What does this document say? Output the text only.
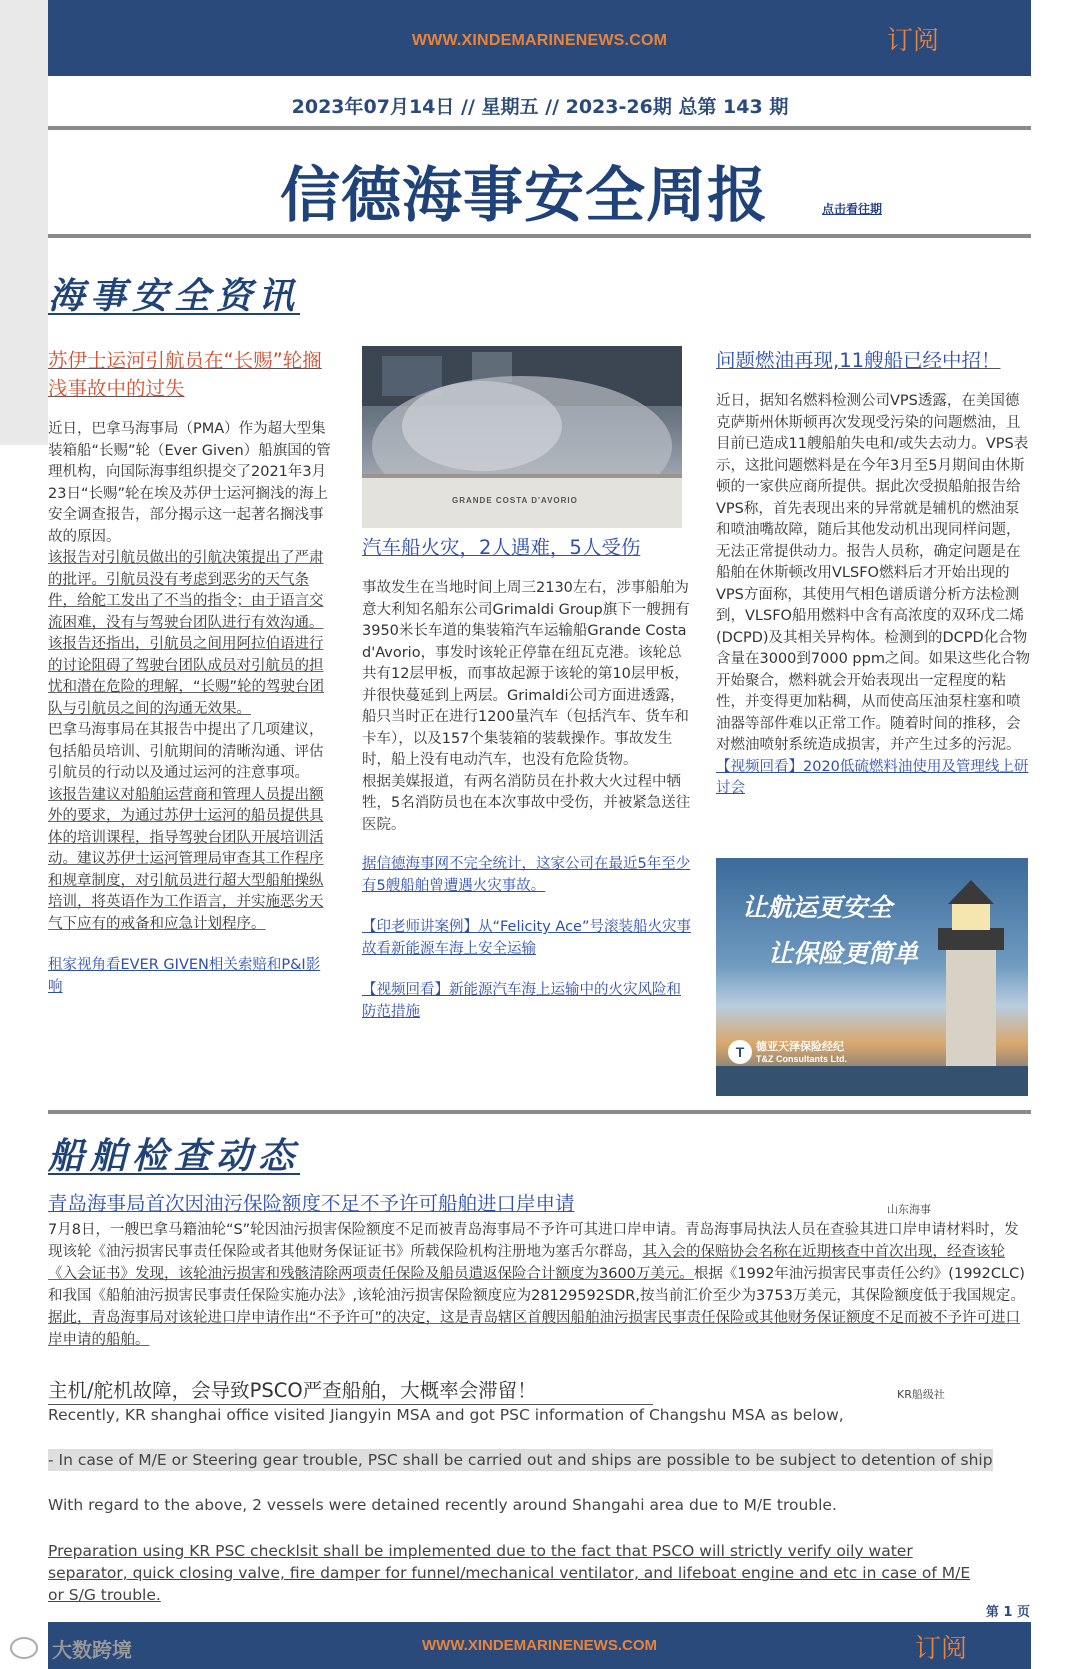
WWW.XINDEMARINENEWS.COM	订阅
2023年07月14日 // 星期五 // 2023-26期 总第 143 期
信德海事安全周报	点击看往期
海事安全资讯
苏伊士运河引航员在“长赐”轮搁浅事故中的过失
近日，巴拿马海事局（PMA）作为超大型集装箱船“长赐”轮（Ever Given）船旗国的管理机构，向国际海事组织提交了2021年3月23日“长赐”轮在埃及苏伊士运河搁浅的海上安全调查报告，部分揭示这一起著名搁浅事故的原因。
该报告对引航员做出的引航决策提出了严肃的批评。引航员没有考虑到恶劣的天气条件，给舵工发出了不当的指令；由于语言交流困难，没有与驾驶台团队进行有效沟通。该报告还指出，引航员之间用阿拉伯语进行的讨论阻碍了驾驶台团队成员对引航员的担忧和潜在危险的理解，“长赐”轮的驾驶台团队与引航员之间的沟通无效果。
巴拿马海事局在其报告中提出了几项建议，包括船员培训、引航期间的清晰沟通、评估引航员的行动以及通过运河的注意事项。
该报告建议对船舶运营商和管理人员提出额外的要求，为通过苏伊士运河的船员提供具体的培训课程，指导驾驶台团队开展培训活动。建议苏伊士运河管理局审查其工作程序和规章制度，对引航员进行超大型船舶操纵培训，将英语作为工作语言，并实施恶劣天气下应有的戒备和应急计划程序。
租家视角看EVER GIVEN相关索赔和P&I影响
GRANDE COSTA D'AVORIO
汽车船火灾，2人遇难，5人受伤
事故发生在当地时间上周三2130左右，涉事船舶为意大利知名船东公司Grimaldi Group旗下一艘拥有3950米长车道的集装箱汽车运输船Grande Costa d'Avorio，事发时该轮正停靠在纽瓦克港。该轮总共有12层甲板，而事故起源于该轮的第10层甲板，并很快蔓延到上两层。Grimaldi公司方面进透露，船只当时正在进行1200量汽车（包括汽车、货车和卡车），以及157个集装箱的装载操作。事故发生时，船上没有电动汽车，也没有危险货物。
根据美媒报道，有两名消防员在扑救大火过程中牺牲，5名消防员也在本次事故中受伤，并被紧急送往医院。
据信德海事网不完全统计，这家公司在最近5年至少有5艘船舶曾遭遇火灾事故。
【印老师讲案例】从“Felicity Ace”号滚装船火灾事故看新能源车海上安全运输
【视频回看】新能源汽车海上运输中的火灾风险和防范措施
问题燃油再现,11艘船已经中招！
近日，据知名燃料检测公司VPS透露，在美国德克萨斯州休斯顿再次发现受污染的问题燃油，且目前已造成11艘船舶失电和/或失去动力。VPS表示，这批问题燃料是在今年3月至5月期间由休斯顿的一家供应商所提供。据此次受损船舶报告给VPS称，首先表现出来的异常就是辅机的燃油泵和喷油嘴故障，随后其他发动机出现同样问题，无法正常提供动力。报告人员称，确定问题是在船舶在休斯顿改用VLSFO燃料后才开始出现的VPS方面称，其使用气相色谱质谱分析方法检测到，VLSFO船用燃料中含有高浓度的双环戊二烯(DCPD)及其相关异构体。检测到的DCPD化合物含量在3000到7000 ppm之间。如果这些化合物开始聚合，燃料就会开始表现出一定程度的粘性，并变得更加粘稠，从而使高压油泵柱塞和喷油器等部件难以正常工作。随着时间的推移，会对燃油喷射系统造成损害，并产生过多的污泥。
【视频回看】2020低硫燃料油使用及管理线上研讨会
让航运更安全
让保险更简单
T	德亚天泽保险经纪
T&Z Consultants Ltd.
船舶检查动态
青岛海事局首次因油污保险额度不足不予许可船舶进口岸申请	山东海事
7月8日，一艘巴拿马籍油轮“S”轮因油污损害保险额度不足而被青岛海事局不予许可其进口岸申请。青岛海事局执法人员在查验其进口岸申请材料时，发现该轮《油污损害民事责任保险或者其他财务保证证书》所载保险机构注册地为塞舌尔群岛，其入会的保赔协会名称在近期核查中首次出现，经查该轮《入会证书》发现，该轮油污损害和残骸清除两项责任保险及船员遣返保险合计额度为3600万美元。根据《1992年油污损害民事责任公约》(1992CLC)和我国《船舶油污损害民事责任保险实施办法》,该轮油污损害保险额度应为28129592SDR,按当前汇价至少为3753万美元，其保险额度低于我国规定。据此，青岛海事局对该轮进口岸申请作出“不予许可”的决定，这是青岛辖区首艘因船舶油污损害民事责任保险或其他财务保证额度不足而被不予许可进口岸申请的船舶。
主机/舵机故障，会导致PSCO严查船舶，大概率会滞留！	KR船级社
Recently, KR shanghai office visited Jiangyin MSA and got PSC information of Changshu MSA as below,
- In case of M/E or Steering gear trouble, PSC shall be carried out and ships are possible to be subject to detention of ship
With regard to the above, 2 vessels were detained recently around Shangahi area due to M/E trouble.
Preparation using KR PSC checklsit shall be implemented due to the fact that PSCO will strictly verify oily water separator, quick closing valve, fire damper for funnel/mechanical ventilator, and lifeboat engine and etc in case of M/E or S/G trouble.
第 1 页
WWW.XINDEMARINENEWS.COM	订阅
大数跨境
